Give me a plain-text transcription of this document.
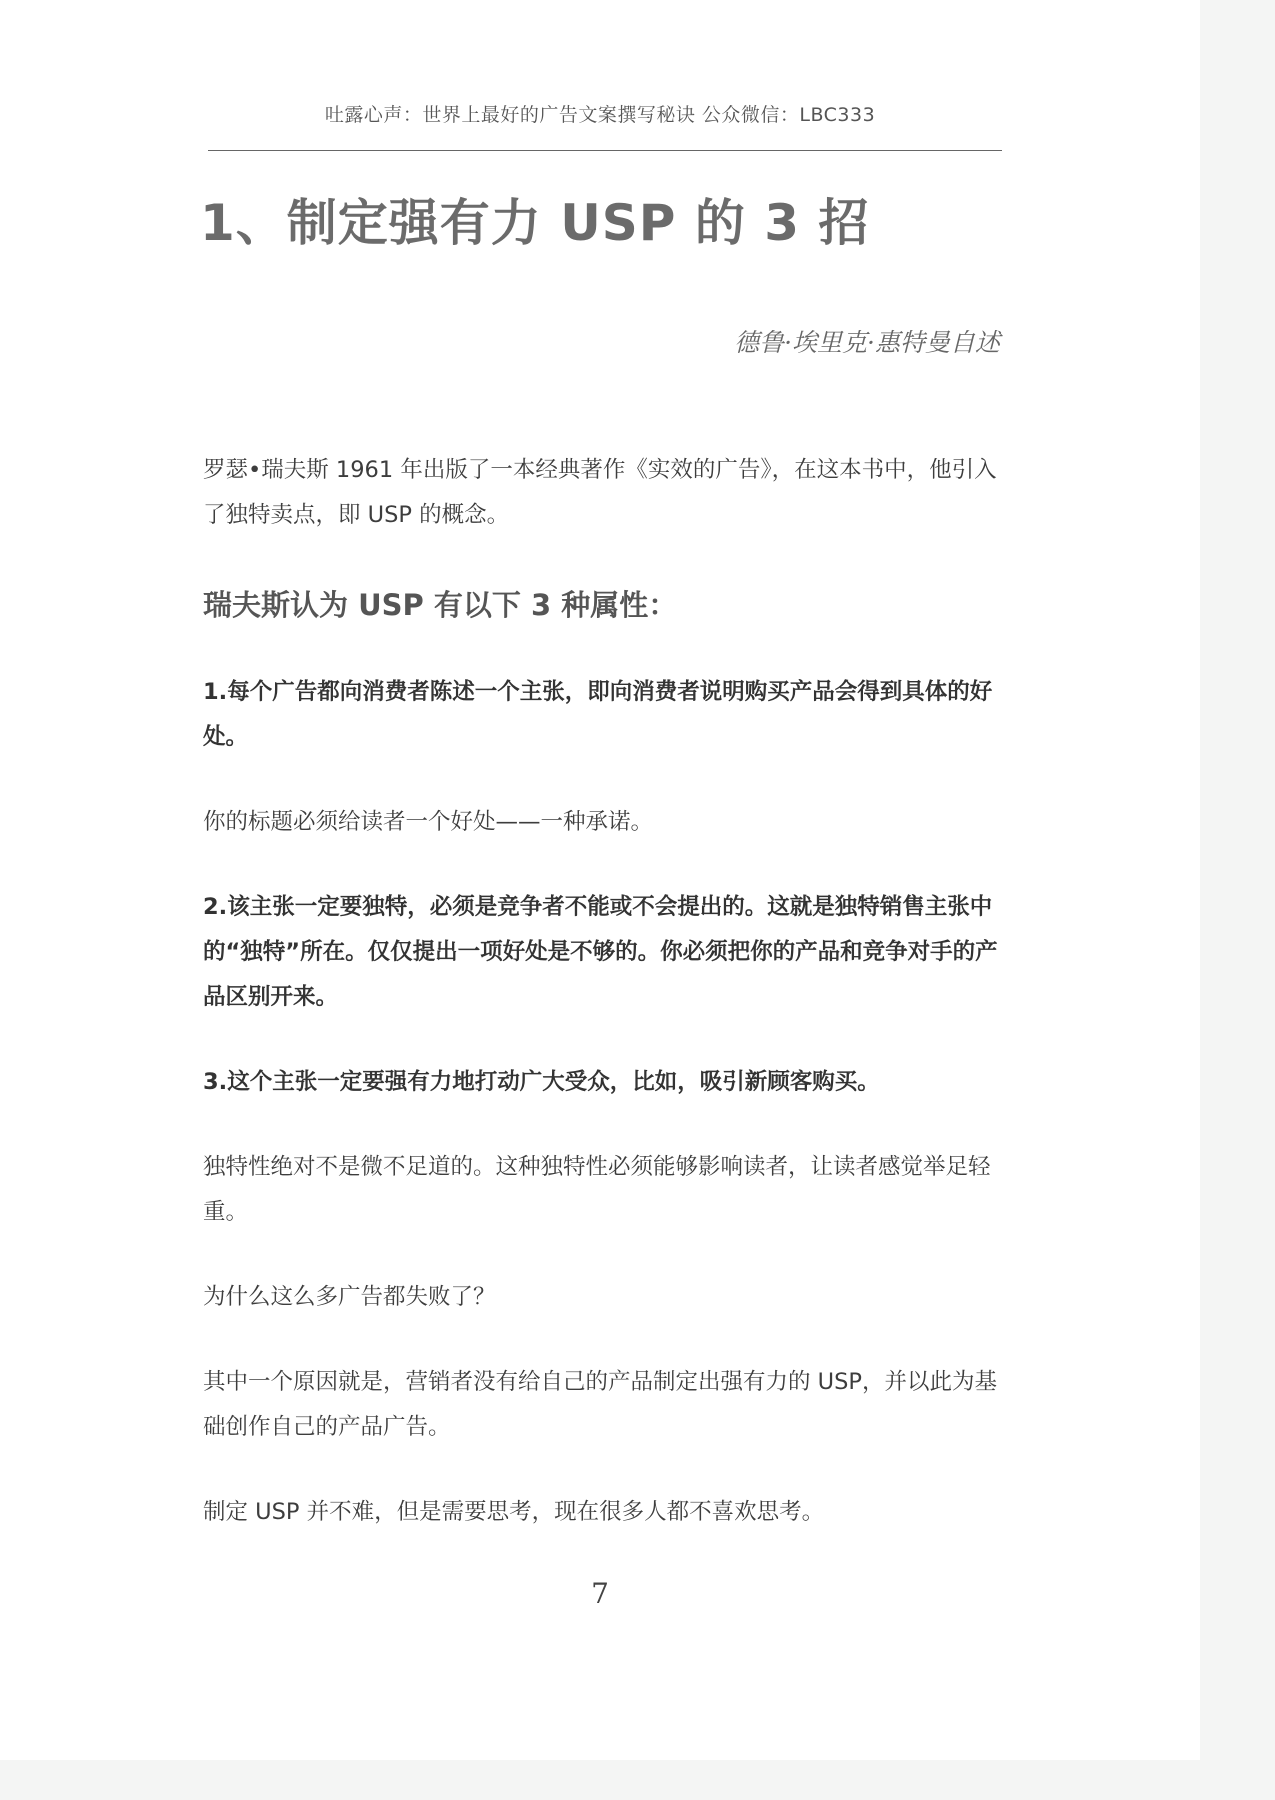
吐露心声：世界上最好的广告文案撰写秘诀 公众微信：LBC333
1、制定强有力 USP 的 3 招
德鲁·埃里克·惠特曼自述

罗瑟•瑞夫斯 1961 年出版了一本经典著作《实效的广告》，在这本书中，他引入了独特卖点，即 USP 的概念。

瑞夫斯认为 USP 有以下 3 种属性：

1.每个广告都向消费者陈述一个主张，即向消费者说明购买产品会得到具体的好处。

你的标题必须给读者一个好处——一种承诺。

2.该主张一定要独特，必须是竞争者不能或不会提出的。这就是独特销售主张中的“独特”所在。仅仅提出一项好处是不够的。你必须把你的产品和竞争对手的产品区别开来。

3.这个主张一定要强有力地打动广大受众，比如，吸引新顾客购买。

独特性绝对不是微不足道的。这种独特性必须能够影响读者，让读者感觉举足轻重。

为什么这么多广告都失败了？

其中一个原因就是，营销者没有给自己的产品制定出强有力的 USP，并以此为基础创作自己的产品广告。

制定 USP 并不难，但是需要思考，现在很多人都不喜欢思考。

7
